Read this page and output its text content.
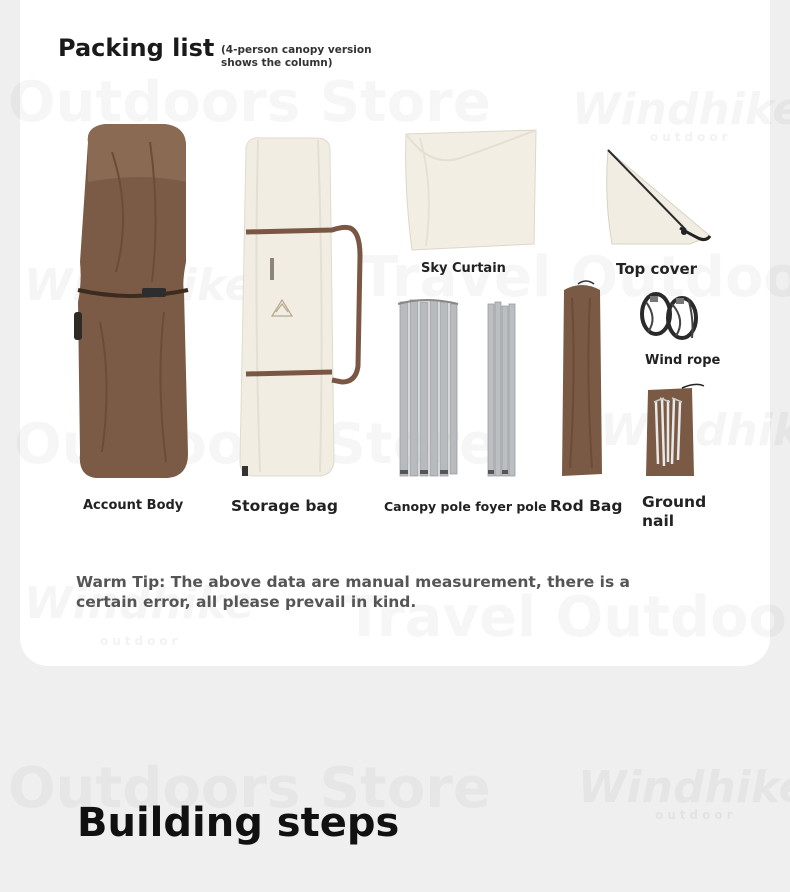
outdoor
Packing list (4-person canopy version shows the column)
Account Body	Storage bag
Sky Curtain	Top cover
Wind rope
Canopy pole foyer pole Rod Bag Ground nail
Warm Tip: The above data are manual measurement, there is a certain error, all please prevail in kind.
Building steps
